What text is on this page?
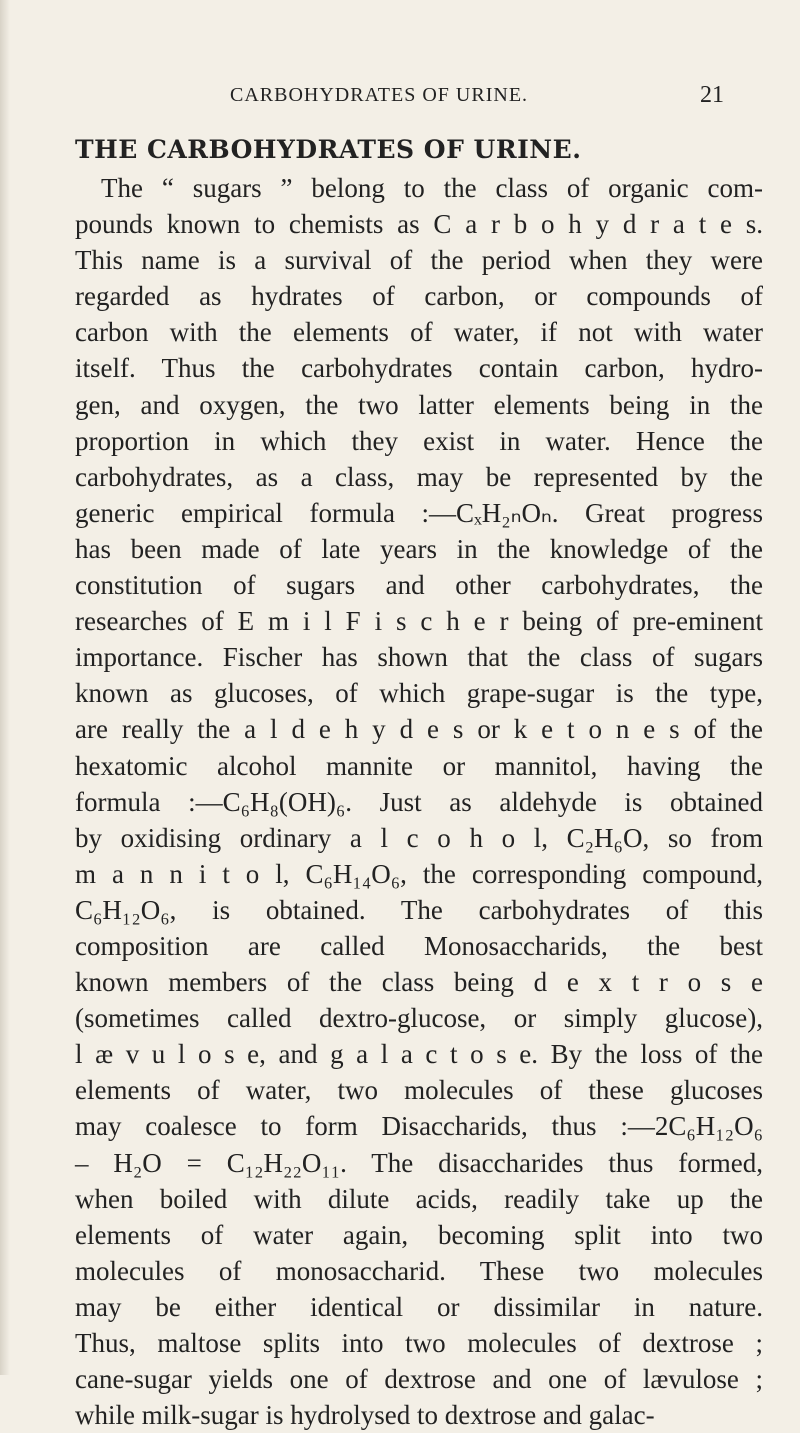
CARBOHYDRATES OF URINE.	21
THE CARBOHYDRATES OF URINE.
The “ sugars ” belong to the class of organic com-
pounds known to chemists as C a r b o h y d r a t e s.
This name is a survival of the period when they were
regarded as hydrates of carbon, or compounds of
carbon with the elements of water, if not with water
itself. Thus the carbohydrates contain carbon, hydro-
gen, and oxygen, the two latter elements being in the
proportion in which they exist in water. Hence the
carbohydrates, as a class, may be represented by the
generic empirical formula :—CₓH₂ₙOₙ. Great progress
has been made of late years in the knowledge of the
constitution of sugars and other carbohydrates, the
researches of E m i l F i s c h e r being of pre-eminent
importance. Fischer has shown that the class of sugars
known as glucoses, of which grape-sugar is the type,
are really the a l d e h y d e s or k e t o n e s of the
hexatomic alcohol mannite or mannitol, having the
formula :—C₆H₈(OH)₆. Just as aldehyde is obtained
by oxidising ordinary a l c o h o l, C₂H₆O, so from
m a n n i t o l, C₆H₁₄O₆, the corresponding compound,
C₆H₁₂O₆, is obtained. The carbohydrates of this
composition are called Monosaccharids, the best
known members of the class being d e x t r o s e
(sometimes called dextro-glucose, or simply glucose),
l æ v u l o s e, and g a l a c t o s e. By the loss of the
elements of water, two molecules of these glucoses
may coalesce to form Disaccharids, thus :—2C₆H₁₂O₆
– H₂O = C₁₂H₂₂O₁₁. The disaccharides thus formed,
when boiled with dilute acids, readily take up the
elements of water again, becoming split into two
molecules of monosaccharid. These two molecules
may be either identical or dissimilar in nature.
Thus, maltose splits into two molecules of dextrose ;
cane-sugar yields one of dextrose and one of lævulose ;
while milk-sugar is hydrolysed to dextrose and galac-
